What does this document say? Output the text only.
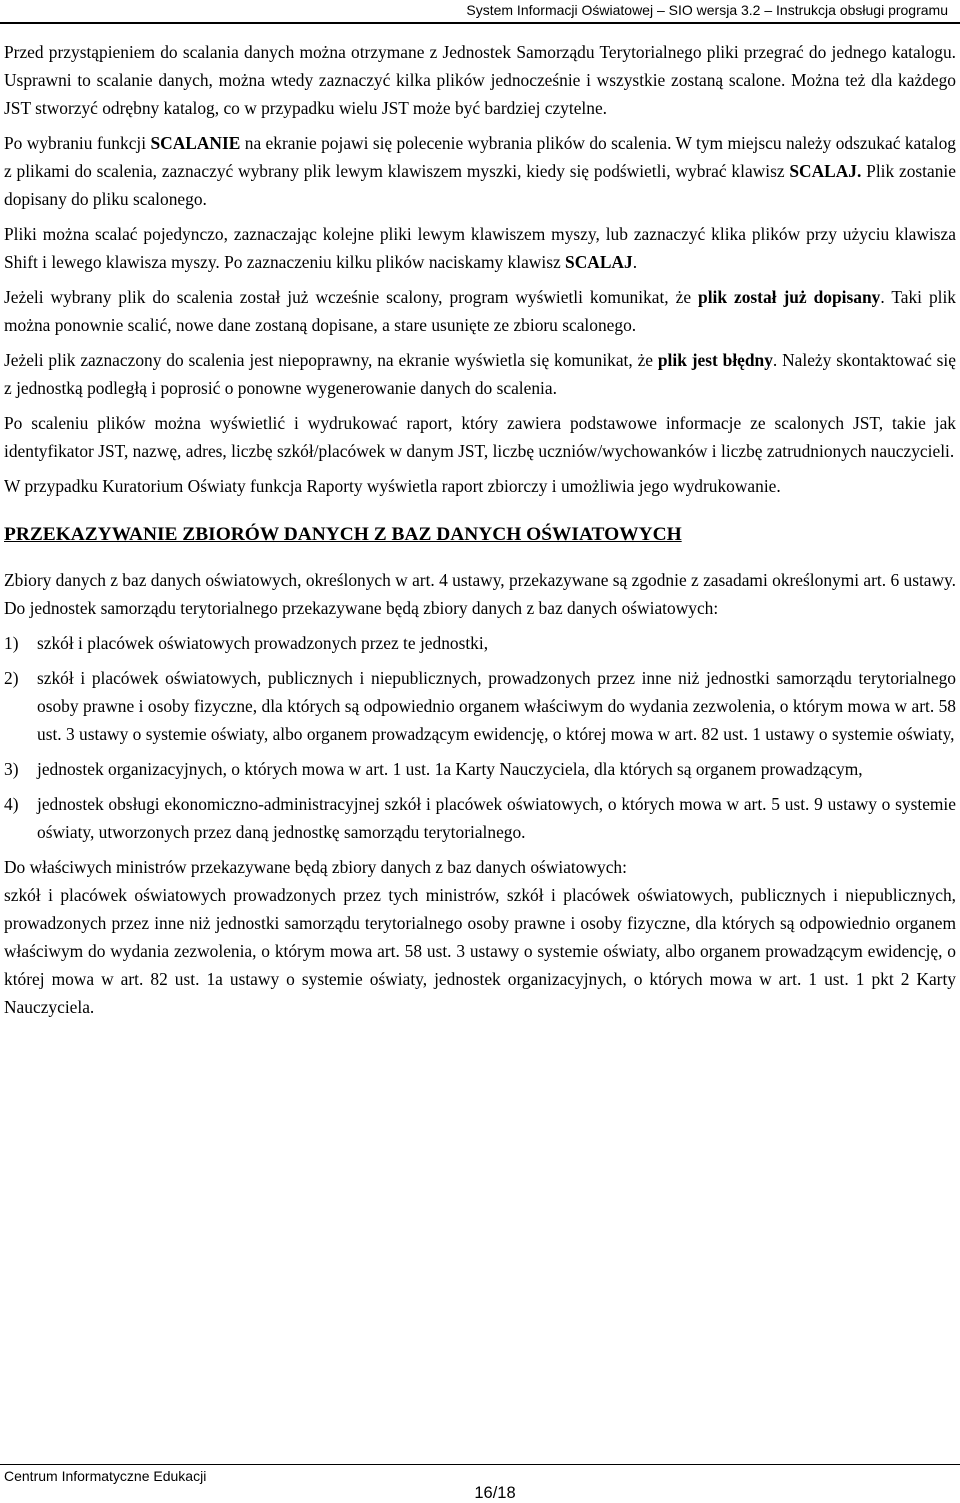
System Informacji Oświatowej – SIO wersja 3.2 – Instrukcja obsługi programu

Przed przystąpieniem do scalania danych można otrzymane z Jednostek Samorządu Terytorialnego pliki przegrać do jednego katalogu. Usprawni to scalanie danych, można wtedy zaznaczyć kilka plików jednocześnie i wszystkie zostaną scalone. Można też dla każdego JST stworzyć odrębny katalog, co w przypadku wielu JST może być bardziej czytelne.

Po wybraniu funkcji SCALANIE na ekranie pojawi się polecenie wybrania plików do scalenia. W tym miejscu należy odszukać katalog z plikami do scalenia, zaznaczyć wybrany plik lewym klawiszem myszki, kiedy się podświetli, wybrać klawisz SCALAJ. Plik zostanie dopisany do pliku scalonego.

Pliki można scalać pojedynczo, zaznaczając kolejne pliki lewym klawiszem myszy, lub zaznaczyć klika plików przy użyciu klawisza Shift i lewego klawisza myszy. Po zaznaczeniu kilku plików naciskamy klawisz SCALAJ.

Jeżeli wybrany plik do scalenia został już wcześnie scalony, program wyświetli komunikat, że plik został już dopisany. Taki plik można ponownie scalić, nowe dane zostaną dopisane, a stare usunięte ze zbioru scalonego.

Jeżeli plik zaznaczony do scalenia jest niepoprawny, na ekranie wyświetla się komunikat, że plik jest błędny. Należy skontaktować się z jednostką podległą i poprosić o ponowne wygenerowanie danych do scalenia.

Po scaleniu plików można wyświetlić i wydrukować raport, który zawiera podstawowe informacje ze scalonych JST, takie jak identyfikator JST, nazwę, adres, liczbę szkół/placówek w danym JST, liczbę uczniów/wychowanków i liczbę zatrudnionych nauczycieli.

W przypadku Kuratorium Oświaty funkcja Raporty wyświetla raport zbiorczy i umożliwia jego wydrukowanie.

PRZEKAZYWANIE ZBIORÓW DANYCH Z BAZ DANYCH OŚWIATOWYCH

Zbiory danych z baz danych oświatowych, określonych w art. 4 ustawy, przekazywane są zgodnie z zasadami określonymi art. 6 ustawy.

Do jednostek samorządu terytorialnego przekazywane będą zbiory danych z baz danych oświatowych:

1) szkół i placówek oświatowych prowadzonych przez te jednostki,
2) szkół i placówek oświatowych, publicznych i niepublicznych, prowadzonych przez inne niż jednostki samorządu terytorialnego osoby prawne i osoby fizyczne, dla których są odpowiednio organem właściwym do wydania zezwolenia, o którym mowa w art. 58 ust. 3 ustawy o systemie oświaty, albo organem prowadzącym ewidencję, o której mowa w art. 82 ust. 1 ustawy o systemie oświaty,
3) jednostek organizacyjnych, o których mowa w art. 1 ust. 1a Karty Nauczyciela, dla których są organem prowadzącym,
4) jednostek obsługi ekonomiczno-administracyjnej szkół i placówek oświatowych, o których mowa w art. 5 ust. 9 ustawy o systemie oświaty, utworzonych przez daną jednostkę samorządu terytorialnego.

Do właściwych ministrów przekazywane będą zbiory danych z baz danych oświatowych:

szkół i placówek oświatowych prowadzonych przez tych ministrów, szkół i placówek oświatowych, publicznych i niepublicznych, prowadzonych przez inne niż jednostki samorządu terytorialnego osoby prawne i osoby fizyczne, dla których są odpowiednio organem właściwym do wydania zezwolenia, o którym mowa art. 58 ust. 3 ustawy o systemie oświaty, albo organem prowadzącym ewidencję, o której mowa w art. 82 ust. 1a ustawy o systemie oświaty, jednostek organizacyjnych, o których mowa w art. 1 ust. 1 pkt 2 Karty Nauczyciela.

Centrum Informatyczne Edukacji
16/18
